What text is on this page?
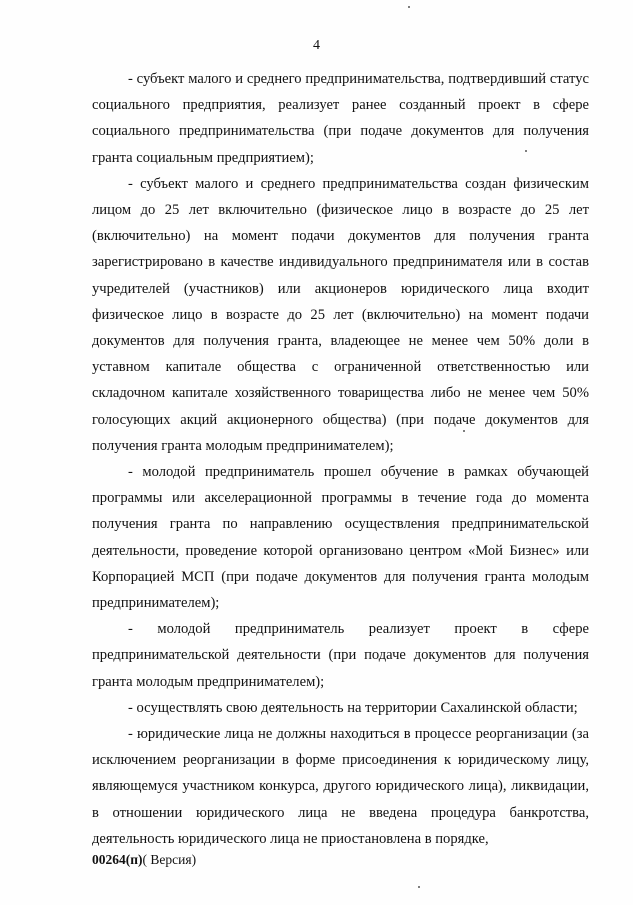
4

- субъект малого и среднего предпринимательства, подтвердивший статус социального предприятия, реализует ранее созданный проект в сфере социального предпринимательства (при подаче документов для получения гранта социальным предприятием);

- субъект малого и среднего предпринимательства создан физическим лицом до 25 лет включительно (физическое лицо в возрасте до 25 лет (включительно) на момент подачи документов для получения гранта зарегистрировано в качестве индивидуального предпринимателя или в состав учредителей (участников) или акционеров юридического лица входит физическое лицо в возрасте до 25 лет (включительно) на момент подачи документов для получения гранта, владеющее не менее чем 50% доли в уставном капитале общества с ограниченной ответственностью или складочном капитале хозяйственного товарищества либо не менее чем 50% голосующих акций акционерного общества) (при подаче документов для получения гранта молодым предпринимателем);

- молодой предприниматель прошел обучение в рамках обучающей программы или акселерационной программы в течение года до момента получения гранта по направлению осуществления предпринимательской деятельности, проведение которой организовано центром «Мой Бизнес» или Корпорацией МСП (при подаче документов для получения гранта молодым предпринимателем);

- молодой предприниматель реализует проект в сфере предпринимательской деятельности (при подаче документов для получения гранта молодым предпринимателем);

- осуществлять свою деятельность на территории Сахалинской области;

- юридические лица не должны находиться в процессе реорганизации (за исключением реорганизации в форме присоединения к юридическому лицу, являющемуся участником конкурса, другого юридического лица), ликвидации, в отношении юридического лица не введена процедура банкротства, деятельность юридического лица не приостановлена в порядке,

00264(п)( Версия)
